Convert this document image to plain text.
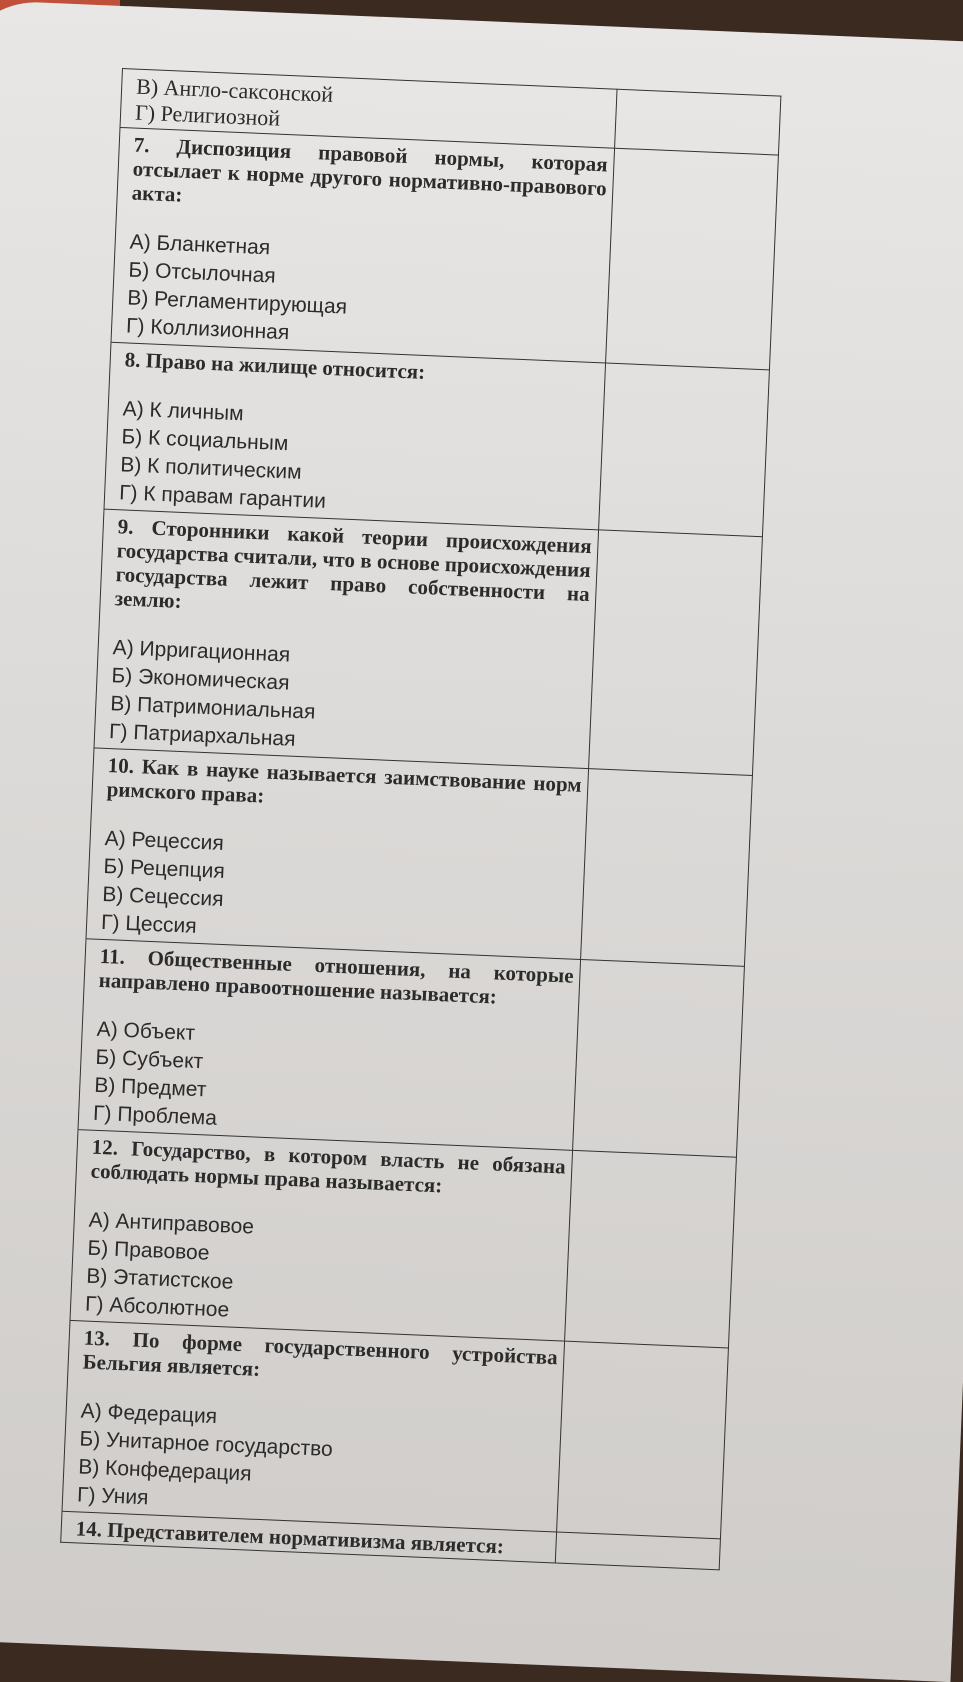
В) Англо-саксонской
Г) Религиозной	

7. Диспозиция правовой нормы, которая отсылает к норме другого нормативно-правового акта:
А) Бланкетная
Б) Отсылочная
В) Регламентирующая
Г) Коллизионная	

8. Право на жилище относится:
А) К личным
Б) К социальным
В) К политическим
Г) К правам гарантии	

9. Сторонники какой теории происхождения государства считали, что в основе происхождения государства лежит право собственности на землю:
А) Ирригационная
Б) Экономическая
В) Патримониальная
Г) Патриархальная	

10. Как в науке называется заимствование норм римского права:
А) Рецессия
Б) Рецепция
В) Сецессия
Г) Цессия	

11. Общественные отношения, на которые направлено правоотношение называется:
А) Объект
Б) Субъект
В) Предмет
Г) Проблема	

12. Государство, в котором власть не обязана соблюдать нормы права называется:
А) Антиправовое
Б) Правовое
В) Этатистское
Г) Абсолютное	

13. По форме государственного устройства Бельгия является:
А) Федерация
Б) Унитарное государство
В) Конфедерация
Г) Уния	

14. Представителем нормативизма является:	
